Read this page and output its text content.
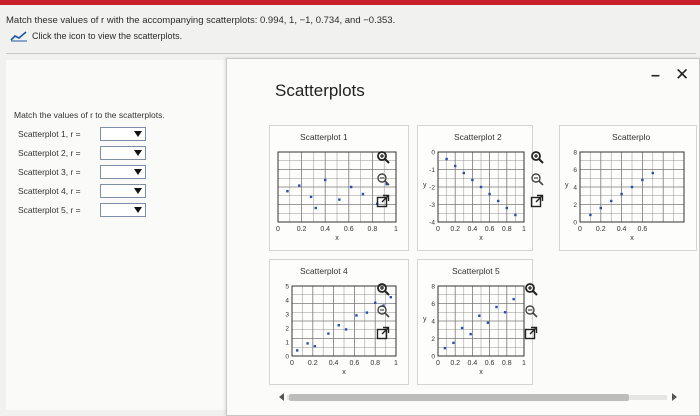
Match these values of r with the accompanying scatterplots: 0.994, 1, −1, 0.734, and −0.353.
Click the icon to view the scatterplots.
Match the values of r to the scatterplots.
Scatterplot 1, r =
Scatterplot 2, r =
Scatterplot 3, r =
Scatterplot 4, r =
Scatterplot 5, r =
Scatterplots
– ✕
Scatterplot 1
0 0.2 0.4 0.6 0.8 1
x
Scatterplot 2
0 0.2 0.4 0.6 0.8 1
x
0
-1
-2
-3
-4
y
Scatterplo
0 0.2 0.4 0.6
x
0
2
4
6
8
y
Scatterplot 4
0 0.2 0.4 0.6 0.8 1
x
0
1
2
3
4
5
Scatterplot 5
0 0.2 0.4 0.6 0.8 1
x
0
2
4
6
8
y
